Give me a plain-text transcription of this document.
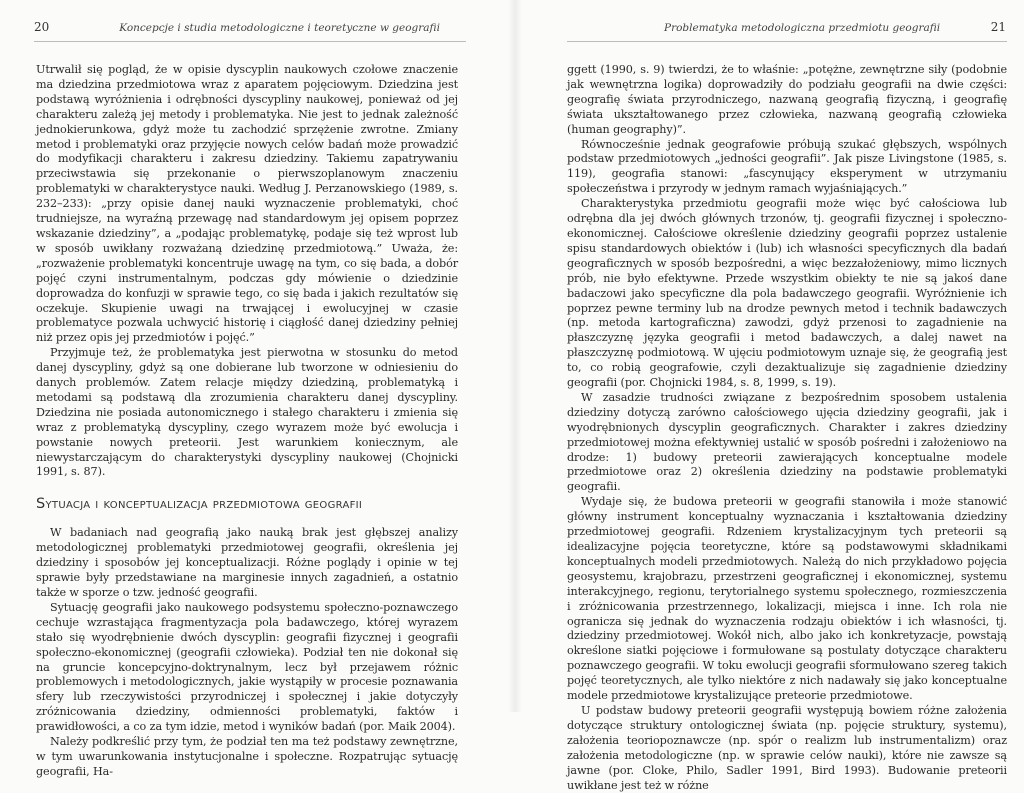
20	Koncepcje i studia metodologiczne i teoretyczne w geografii

Utrwalił się pogląd, że w opisie dyscyplin naukowych czołowe znaczenie ma dziedzina przedmiotowa wraz z aparatem pojęciowym. Dziedzina jest podstawą wyróżnienia i odrębności dyscypliny naukowej, ponieważ od jej charakteru zależą jej metody i problematyka. Nie jest to jednak zależność jednokierunkowa, gdyż może tu zachodzić sprzężenie zwrotne. Zmiany metod i problematyki oraz przyjęcie nowych celów badań może prowadzić do modyfikacji charakteru i zakresu dziedziny. Takiemu zapatrywaniu przeciwstawia się przekonanie o pierwszoplanowym znaczeniu problematyki w charakterystyce nauki. Według J. Perzanowskiego (1989, s. 232–233): „przy opisie danej nauki wyznaczenie problematyki, choć trudniejsze, na wyraźną przewagę nad standardowym jej opisem poprzez wskazanie dziedziny”, a „podając problematykę, podaje się też wprost lub w sposób uwikłany rozważaną dziedzinę przedmiotową.” Uważa, że: „rozważenie problematyki koncentruje uwagę na tym, co się bada, a dobór pojęć czyni instrumentalnym, podczas gdy mówienie o dziedzinie doprowadza do konfuzji w sprawie tego, co się bada i jakich rezultatów się oczekuje. Skupienie uwagi na trwającej i ewolucyjnej w czasie problematyce pozwala uchwycić historię i ciągłość danej dziedziny pełniej niż przez opis jej przedmiotów i pojęć.”

Przyjmuje też, że problematyka jest pierwotna w stosunku do metod danej dyscypliny, gdyż są one dobierane lub tworzone w odniesieniu do danych problemów. Zatem relacje między dziedziną, problematyką i metodami są podstawą dla zrozumienia charakteru danej dyscypliny. Dziedzina nie posiada autonomicznego i stałego charakteru i zmienia się wraz z problematyką dyscypliny, czego wyrazem może być ewolucja i powstanie nowych preteorii. Jest warunkiem koniecznym, ale niewystarczającym do charakterystyki dyscypliny naukowej (Chojnicki 1991, s. 87).

Sytuacja i konceptualizacja przedmiotowa geografii

W badaniach nad geografią jako nauką brak jest głębszej analizy metodologicznej problematyki przedmiotowej geografii, określenia jej dziedziny i sposobów jej konceptualizacji. Różne poglądy i opinie w tej sprawie były przedstawiane na marginesie innych zagadnień, a ostatnio także w sporze o tzw. jedność geografii.

Sytuację geografii jako naukowego podsystemu społeczno-poznawczego cechuje wzrastająca fragmentyzacja pola badawczego, której wyrazem stało się wyodrębnienie dwóch dyscyplin: geografii fizycznej i geografii społeczno-ekonomicznej (geografii człowieka). Podział ten nie dokonał się na gruncie koncepcyjno-doktrynalnym, lecz był przejawem różnic problemowych i metodologicznych, jakie wystąpiły w procesie poznawania sfery lub rzeczywistości przyrodniczej i społecznej i jakie dotyczyły zróżnicowania dziedziny, odmienności problematyki, faktów i prawidłowości, a co za tym idzie, metod i wyników badań (por. Maik 2004).

Należy podkreślić przy tym, że podział ten ma też podstawy zewnętrzne, w tym uwarunkowania instytucjonalne i społeczne. Rozpatrując sytuację geografii, Ha-

Problematyka metodologiczna przedmiotu geografii	21

ggett (1990, s. 9) twierdzi, że to właśnie: „potężne, zewnętrzne siły (podobnie jak wewnętrzna logika) doprowadziły do podziału geografii na dwie części: geografię świata przyrodniczego, nazwaną geografią fizyczną, i geografię świata ukształtowanego przez człowieka, nazwaną geografią człowieka (human geography)”.

Równocześnie jednak geografowie próbują szukać głębszych, wspólnych podstaw przedmiotowych „jedności geografii”. Jak pisze Livingstone (1985, s. 119), geografia stanowi: „fascynujący eksperyment w utrzymaniu społeczeństwa i przyrody w jednym ramach wyjaśniających.”

Charakterystyka przedmiotu geografii może więc być całościowa lub odrębna dla jej dwóch głównych trzonów, tj. geografii fizycznej i społeczno-ekonomicznej. Całościowe określenie dziedziny geografii poprzez ustalenie spisu standardowych obiektów i (lub) ich własności specyficznych dla badań geograficznych w sposób bezpośredni, a więc bezzałożeniowy, mimo licznych prób, nie było efektywne. Przede wszystkim obiekty te nie są jakoś dane badaczowi jako specyficzne dla pola badawczego geografii. Wyróżnienie ich poprzez pewne terminy lub na drodze pewnych metod i technik badawczych (np. metoda kartograficzna) zawodzi, gdyż przenosi to zagadnienie na płaszczyznę języka geografii i metod badawczych, a dalej nawet na płaszczyznę podmiotową. W ujęciu podmiotowym uznaje się, że geografią jest to, co robią geografowie, czyli dezaktualizuje się zagadnienie dziedziny geografii (por. Chojnicki 1984, s. 8, 1999, s. 19).

W zasadzie trudności związane z bezpośrednim sposobem ustalenia dziedziny dotyczą zarówno całościowego ujęcia dziedziny geografii, jak i wyodrębnionych dyscyplin geograficznych. Charakter i zakres dziedziny przedmiotowej można efektywniej ustalić w sposób pośredni i założeniowo na drodze: 1) budowy preteorii zawierających konceptualne modele przedmiotowe oraz 2) określenia dziedziny na podstawie problematyki geografii.

Wydaje się, że budowa preteorii w geografii stanowiła i może stanowić główny instrument konceptualny wyznaczania i kształtowania dziedziny przedmiotowej geografii. Rdzeniem krystalizacyjnym tych preteorii są idealizacyjne pojęcia teoretyczne, które są podstawowymi składnikami konceptualnych modeli przedmiotowych. Należą do nich przykładowo pojęcia geosystemu, krajobrazu, przestrzeni geograficznej i ekonomicznej, systemu interakcyjnego, regionu, terytorialnego systemu społecznego, rozmieszczenia i zróżnicowania przestrzennego, lokalizacji, miejsca i inne. Ich rola nie ogranicza się jednak do wyznaczenia rodzaju obiektów i ich własności, tj. dziedziny przedmiotowej. Wokół nich, albo jako ich konkretyzacje, powstają określone siatki pojęciowe i formułowane są postulaty dotyczące charakteru poznawczego geografii. W toku ewolucji geografii sformułowano szereg takich pojęć teoretycznych, ale tylko niektóre z nich nadawały się jako konceptualne modele przedmiotowe krystalizujące preteorie przedmiotowe.

U podstaw budowy preteorii geografii występują bowiem różne założenia dotyczące struktury ontologicznej świata (np. pojęcie struktury, systemu), założenia teoriopoznawcze (np. spór o realizm lub instrumentalizm) oraz założenia metodologiczne (np. w sprawie celów nauki), które nie zawsze są jawne (por. Cloke, Philo, Sadler 1991, Bird 1993). Budowanie preteorii uwikłane jest też w różne
